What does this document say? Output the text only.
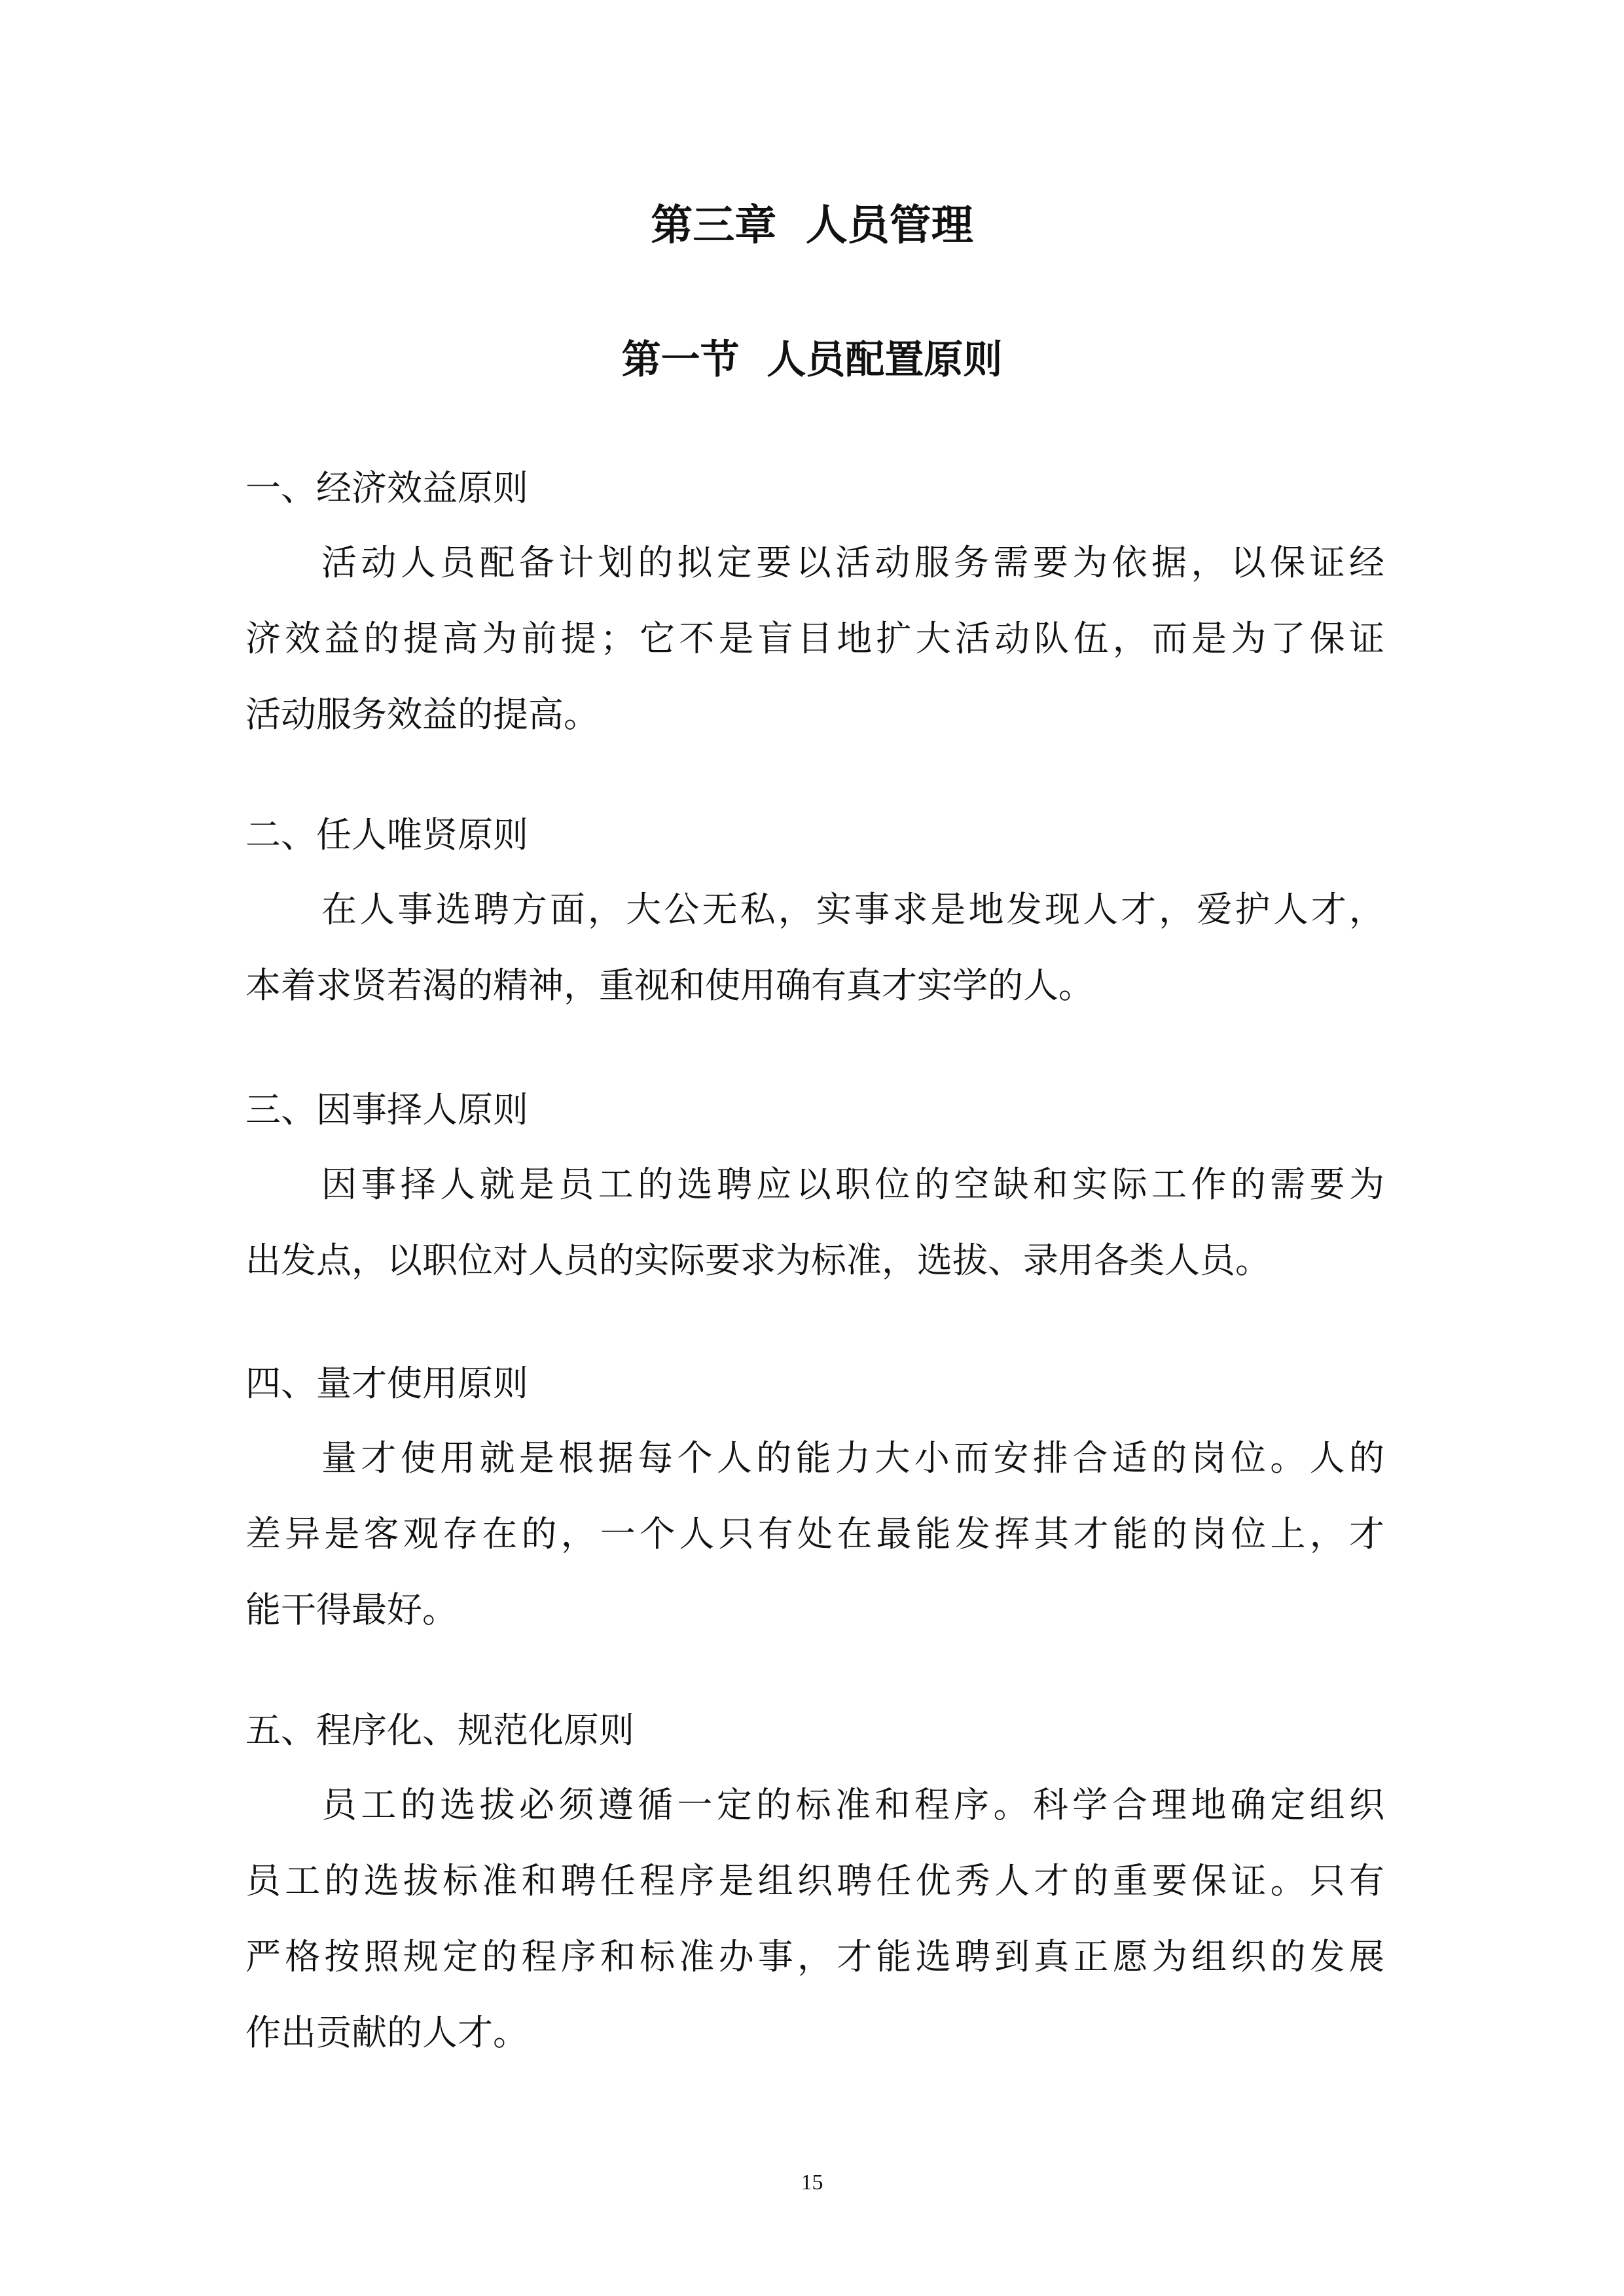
第三章  人员管理
第一节  人员配置原则

一、经济效益原则

活动人员配备计划的拟定要以活动服务需要为依据，以保证经
济效益的提高为前提；它不是盲目地扩大活动队伍，而是为了保证
活动服务效益的提高。

二、任人唯贤原则

在人事选聘方面，大公无私，实事求是地发现人才，爱护人才，
本着求贤若渴的精神，重视和使用确有真才实学的人。

三、因事择人原则

因事择人就是员工的选聘应以职位的空缺和实际工作的需要为
出发点，以职位对人员的实际要求为标准，选拔、录用各类人员。

四、量才使用原则

量才使用就是根据每个人的能力大小而安排合适的岗位。人的
差异是客观存在的，一个人只有处在最能发挥其才能的岗位上，才
能干得最好。

五、程序化、规范化原则

员工的选拔必须遵循一定的标准和程序。科学合理地确定组织
员工的选拔标准和聘任程序是组织聘任优秀人才的重要保证。只有
严格按照规定的程序和标准办事，才能选聘到真正愿为组织的发展
作出贡献的人才。

15
